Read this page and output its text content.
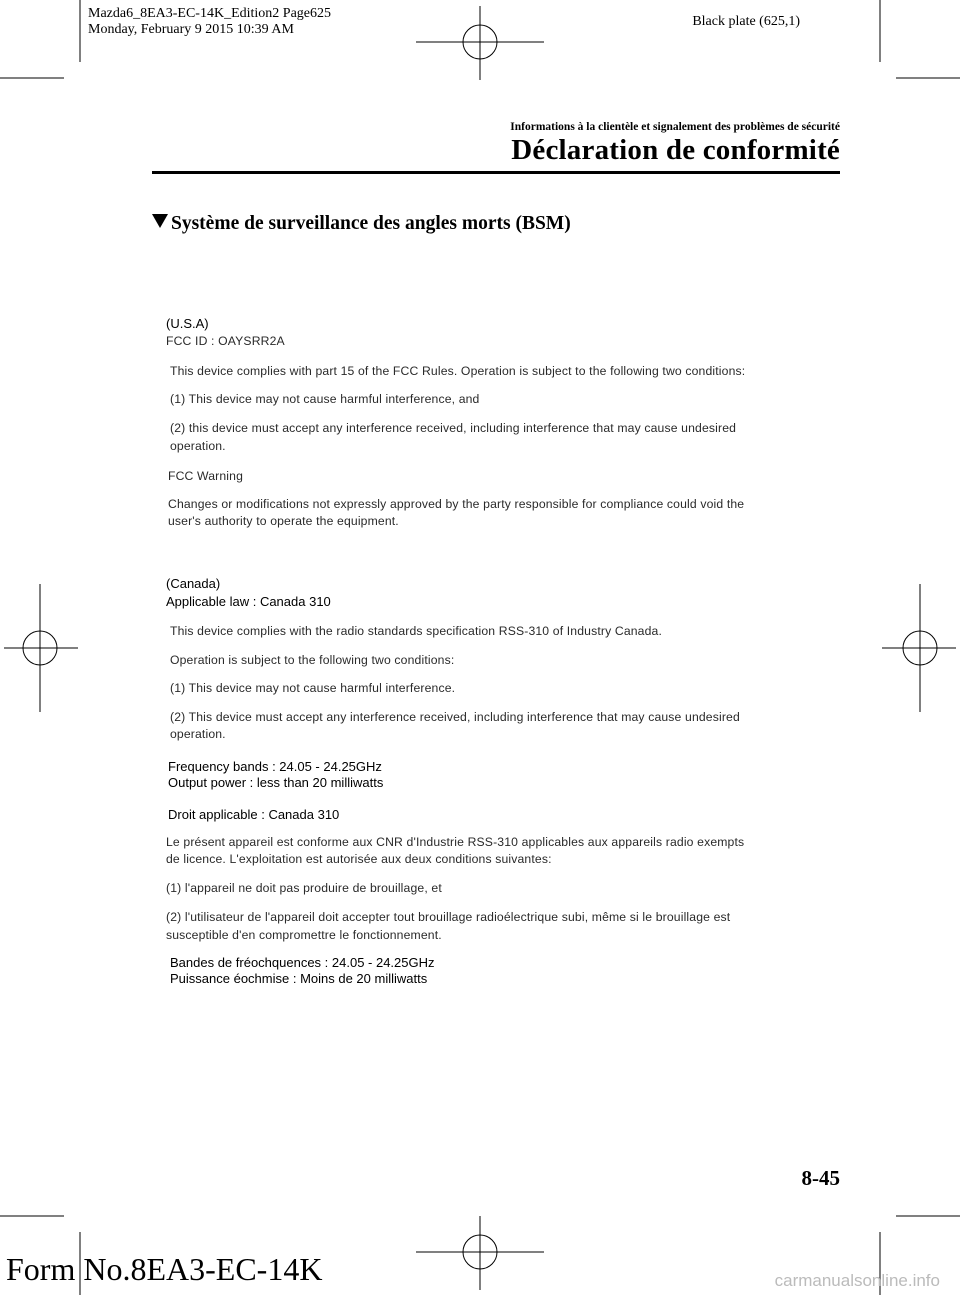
Mazda6_8EA3-EC-14K_Edition2 Page625
Monday, February 9 2015 10:39 AM
Black plate (625,1)
Informations à la clientèle et signalement des problèmes de sécurité
Déclaration de conformité
Système de surveillance des angles morts (BSM)
(U.S.A)
FCC ID : OAYSRR2A
This device complies with part 15 of the FCC Rules. Operation is subject to the following two conditions:
(1) This device may not cause harmful interference, and
(2) this device must accept any interference received, including interference that may cause undesired
operation.
FCC Warning
Changes or modifications not expressly approved by the party responsible for compliance could void the
user's authority to operate the equipment.
(Canada)
Applicable law : Canada 310
This device complies with the radio standards specification RSS-310 of Industry Canada.
Operation is subject to the following two conditions:
(1) This device may not cause harmful interference.
(2) This device must accept any interference received, including interference that may cause undesired
operation.
Frequency bands : 24.05 - 24.25GHz
Output power : less than 20 milliwatts
Droit applicable : Canada 310
Le présent appareil est conforme aux CNR d'Industrie RSS-310 applicables aux appareils radio exempts
de licence. L'exploitation est autorisée aux deux conditions suivantes:
(1) l'appareil ne doit pas produire de brouillage, et
(2) l'utilisateur de l'appareil doit accepter tout brouillage radioélectrique subi, même si le brouillage est
susceptible d'en compromettre le fonctionnement.
Bandes de fréochquences : 24.05 - 24.25GHz
Puissance éochmise : Moins de 20 milliwatts
8-45
Form No.8EA3-EC-14K	carmanualsonline.info
